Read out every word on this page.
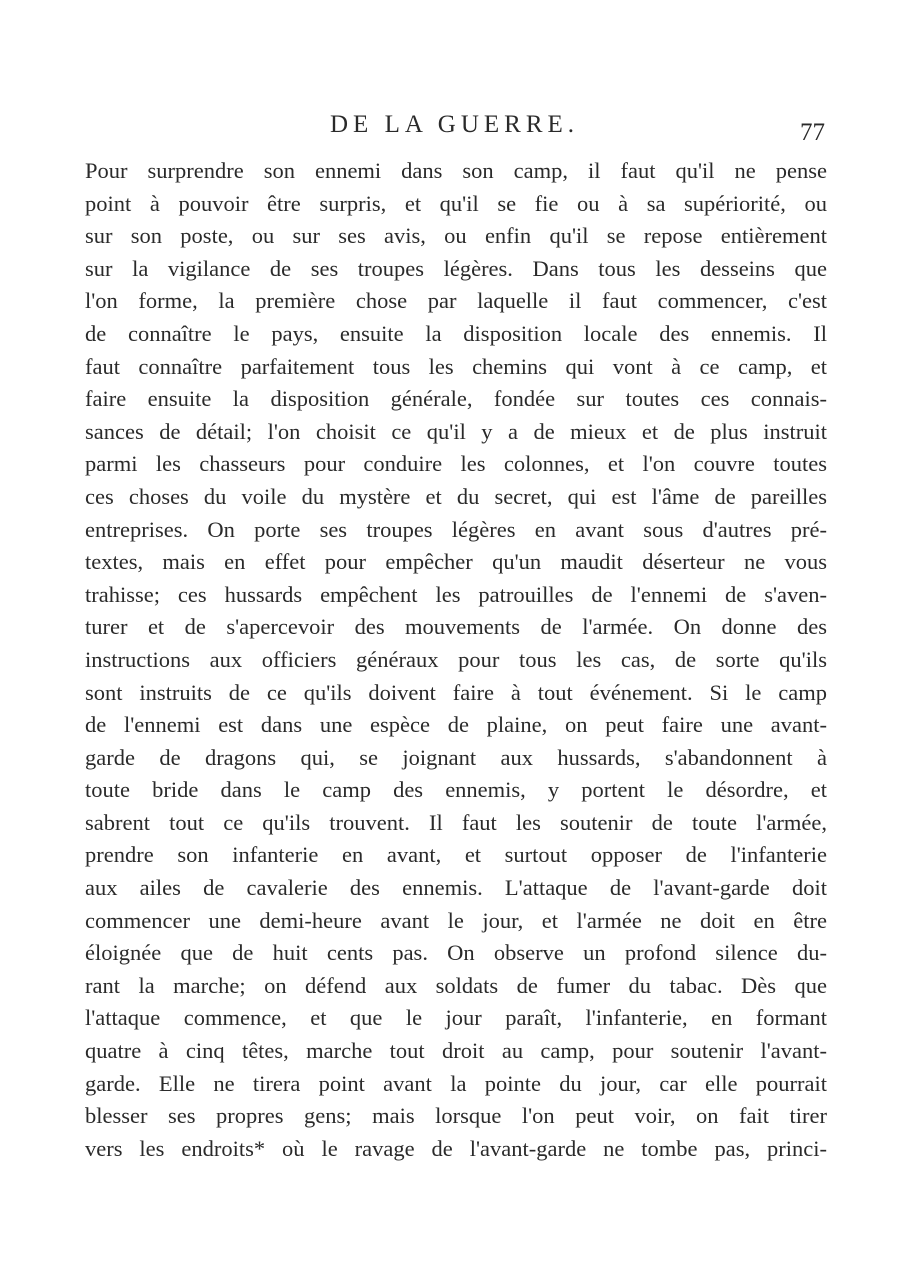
DE LA GUERRE.	77
Pour surprendre son ennemi dans son camp, il faut qu'il ne pense
point à pouvoir être surpris, et qu'il se fie ou à sa supériorité, ou
sur son poste, ou sur ses avis, ou enfin qu'il se repose entièrement
sur la vigilance de ses troupes légères. Dans tous les desseins que
l'on forme, la première chose par laquelle il faut commencer, c'est
de connaître le pays, ensuite la disposition locale des ennemis. Il
faut connaître parfaitement tous les chemins qui vont à ce camp, et
faire ensuite la disposition générale, fondée sur toutes ces connais-
sances de détail; l'on choisit ce qu'il y a de mieux et de plus instruit
parmi les chasseurs pour conduire les colonnes, et l'on couvre toutes
ces choses du voile du mystère et du secret, qui est l'âme de pareilles
entreprises. On porte ses troupes légères en avant sous d'autres pré-
textes, mais en effet pour empêcher qu'un maudit déserteur ne vous
trahisse; ces hussards empêchent les patrouilles de l'ennemi de s'aven-
turer et de s'apercevoir des mouvements de l'armée. On donne des
instructions aux officiers généraux pour tous les cas, de sorte qu'ils
sont instruits de ce qu'ils doivent faire à tout événement. Si le camp
de l'ennemi est dans une espèce de plaine, on peut faire une avant-
garde de dragons qui, se joignant aux hussards, s'abandonnent à
toute bride dans le camp des ennemis, y portent le désordre, et
sabrent tout ce qu'ils trouvent. Il faut les soutenir de toute l'armée,
prendre son infanterie en avant, et surtout opposer de l'infanterie
aux ailes de cavalerie des ennemis. L'attaque de l'avant-garde doit
commencer une demi-heure avant le jour, et l'armée ne doit en être
éloignée que de huit cents pas. On observe un profond silence du-
rant la marche; on défend aux soldats de fumer du tabac. Dès que
l'attaque commence, et que le jour paraît, l'infanterie, en formant
quatre à cinq têtes, marche tout droit au camp, pour soutenir l'avant-
garde. Elle ne tirera point avant la pointe du jour, car elle pourrait
blesser ses propres gens; mais lorsque l'on peut voir, on fait tirer
vers les endroits* où le ravage de l'avant-garde ne tombe pas, princi-
